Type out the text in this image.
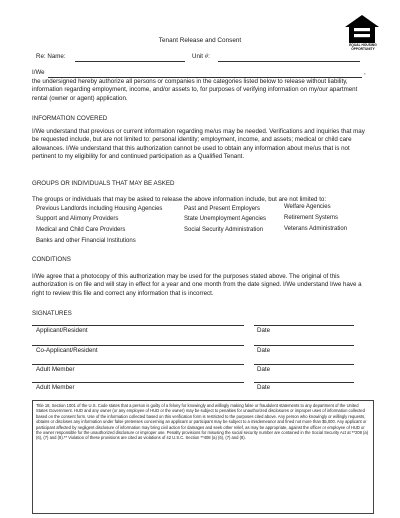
EQUAL HOUSING
OPPORTUNITY
Tenant Release and Consent
Re: Name:	Unit #:
I/We	,
the undersigned hereby authorize all persons or companies in the categories listed below to release without liability, information regarding employment, income, and/or assets to, for purposes of verifying information on my/our apartment rental (owner or agent) application.
INFORMATION COVERED
I/We understand that previous or current information regarding me/us may be needed. Verifications and inquiries that may be requested include, but are not limited to: personal identity; employment, income, and assets; medical or child care allowances. I/We understand that this authorization cannot be used to obtain any information about me/us that is not pertinent to my eligibility for and continued participation as a Qualified Tenant.
GROUPS OR INDIVIDUALS THAT MAY BE ASKED
The groups or individuals that may be asked to release the above information include, but are not limited to:
Previous Landlords including Housing Agencies
Support and Alimony Providers
Medical and Child Care Providers
Banks and other Financial Institutions
Past and Present Employers
State Unemployment Agencies
Social Security Administration
Welfare Agencies
Retirement Systems
Veterans Administration
CONDITIONS
I/We agree that a photocopy of this authorization may be used for the purposes stated above. The original of this authorization is on file and will stay in effect for a year and one month from the date signed. I/We understand I/we have a right to review this file and correct any information that is incorrect.
SIGNATURES
Applicant/Resident	Date
Co-Applicant/Resident	Date
Adult Member	Date
Adult Member	Date
Title 18, Section 1001 of the U.S. Code states that a person is guilty of a felony for knowingly and willingly making false or fraudulent statements to any department of the United States Government. HUD and any owner (or any employee of HUD or the owner) may be subject to penalties for unauthorized disclosures or improper uses of information collected based on the consent form. Use of the information collected based on this verification form is restricted to the purposes cited above. Any person who knowingly or willingly requests, obtains or discloses any information under false pretenses concerning an applicant or participant may be subject to a misdemeanor and fined not more than $5,000. Any applicant or participant affected by negligent disclosure of information may bring civil action for damages and seek other relief, as may be appropriate, against the officer or employee of HUD or the owner responsible for the unauthorized disclosure or improper use. Penalty provisions for misusing the social security number are contained in the Social Security Act at **208 (a) (6), (7) and (8).** Violation of these provisions are cited as violations of 42 U.S.C. Section **408 (a) (6), (7) and (8).
